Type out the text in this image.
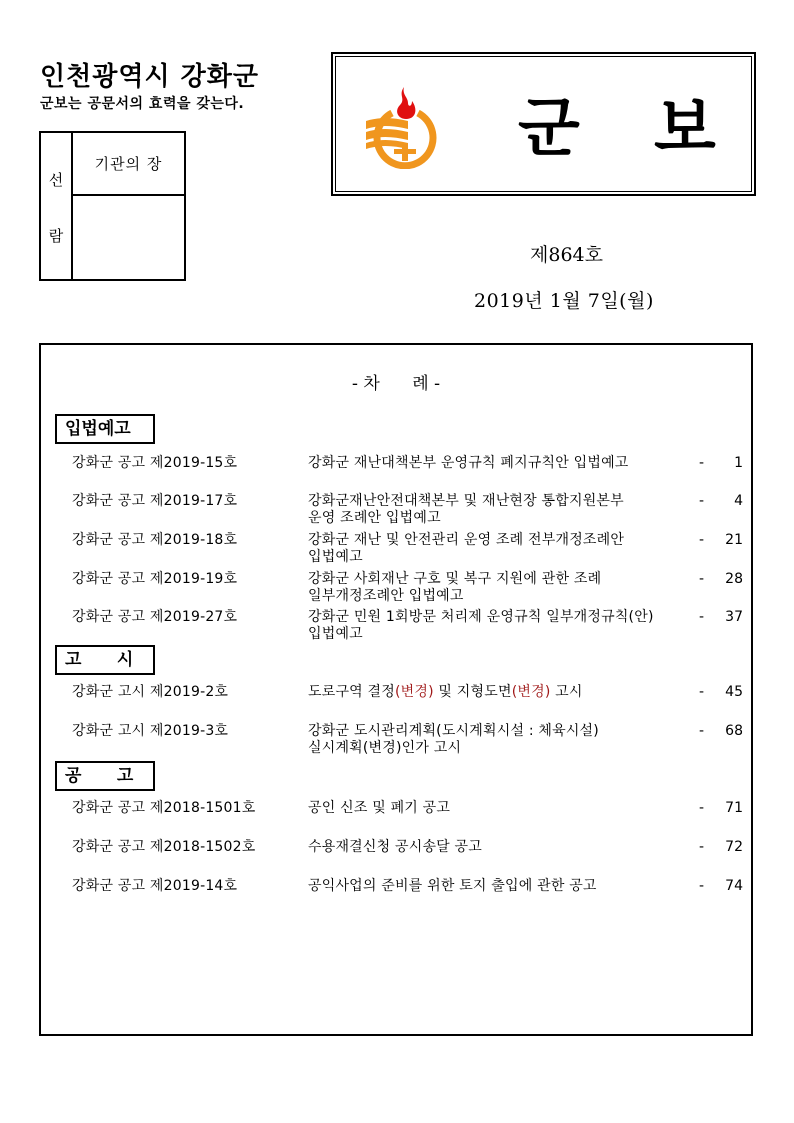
인천광역시 강화군
군보는 공문서의 효력을 갖는다.
선
람
기관의 장	군 보
제864호
2019년 1월 7일(월)
- 차      례 -
입법예고
강화군 공고 제2019-15호	강화군 재난대책본부 운영규칙 폐지규칙안 입법예고	- 1
강화군 공고 제2019-17호	강화군재난안전대책본부 및 재난현장 통합지원본부
운영 조례안 입법예고
- 4
강화군 공고 제2019-18호	강화군 재난 및 안전관리 운영 조례 전부개정조례안
입법예고
- 21
강화군 공고 제2019-19호	강화군 사회재난 구호 및 복구 지원에 관한 조례
일부개정조례안 입법예고
- 28
강화군 공고 제2019-27호	강화군 민원 1회방문 처리제 운영규칙 일부개정규칙(안)
입법예고
- 37
고      시
강화군 고시 제2019-2호	도로구역 결정(변경) 및 지형도면(변경) 고시	- 45
강화군 고시 제2019-3호	강화군 도시관리계획(도시계획시설 : 체육시설)
실시계획(변경)인가 고시
- 68
공      고
강화군 공고 제2018-1501호	공인 신조 및 폐기 공고	- 71
강화군 공고 제2018-1502호	수용재결신청 공시송달 공고	- 72
강화군 공고 제2019-14호	공익사업의 준비를 위한 토지 출입에 관한 공고	- 74
